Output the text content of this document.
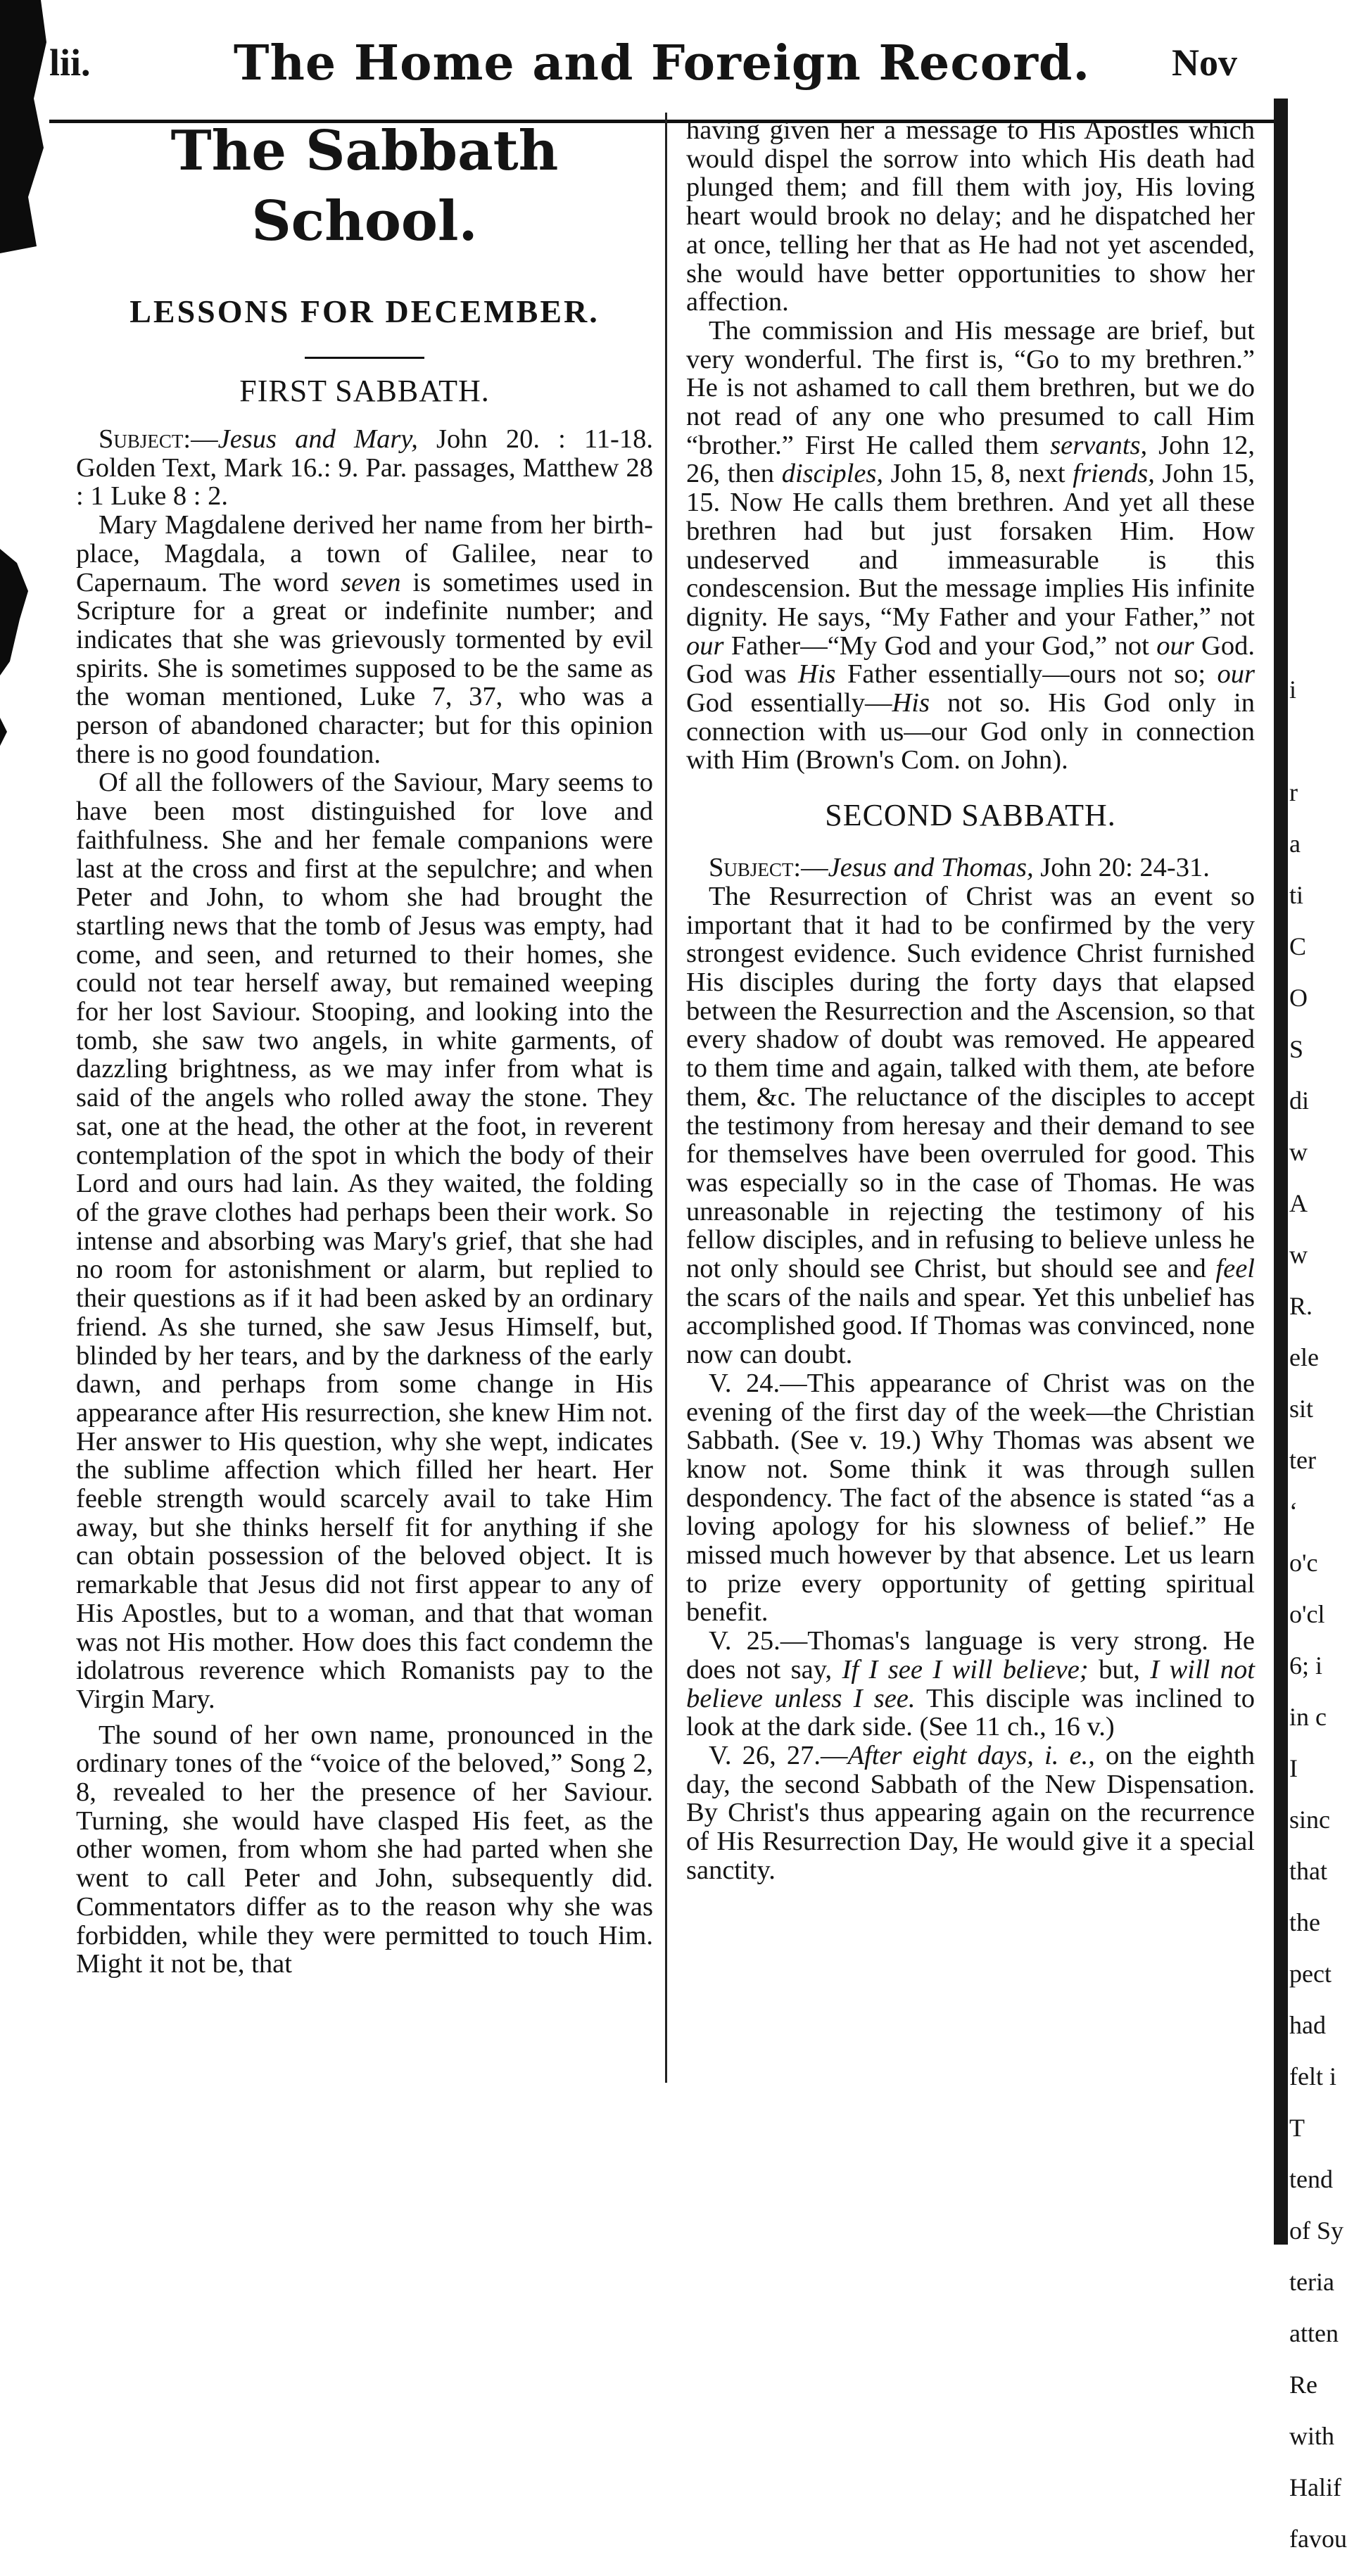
lii.	The Home and Foreign Record.	Nov
The Sabbath School.
LESSONS FOR DECEMBER.
FIRST SABBATH.

Subject:—Jesus and Mary, John 20. : 11-18. Golden Text, Mark 16.: 9. Par. passages, Matthew 28 : 1 Luke 8 : 2.

Mary Magdalene derived her name from her birth-place, Magdala, a town of Galilee, near to Capernaum. The word seven is sometimes used in Scripture for a great or indefinite number; and indicates that she was grievously tormented by evil spirits. She is sometimes supposed to be the same as the woman mentioned, Luke 7, 37, who was a person of abandoned character; but for this opinion there is no good foundation.

Of all the followers of the Saviour, Mary seems to have been most distinguished for love and faithfulness. She and her female companions were last at the cross and first at the sepulchre; and when Peter and John, to whom she had brought the startling news that the tomb of Jesus was empty, had come, and seen, and returned to their homes, she could not tear herself away, but remained weeping for her lost Saviour. Stooping, and looking into the tomb, she saw two angels, in white garments, of dazzling brightness, as we may infer from what is said of the angels who rolled away the stone. They sat, one at the head, the other at the foot, in reverent contemplation of the spot in which the body of their Lord and ours had lain. As they waited, the folding of the grave clothes had perhaps been their work. So intense and absorbing was Mary's grief, that she had no room for astonishment or alarm, but replied to their questions as if it had been asked by an ordinary friend. As she turned, she saw Jesus Himself, but, blinded by her tears, and by the darkness of the early dawn, and perhaps from some change in His appearance after His resurrection, she knew Him not. Her answer to His question, why she wept, indicates the sublime affection which filled her heart. Her feeble strength would scarcely avail to take Him away, but she thinks herself fit for anything if she can obtain possession of the beloved object. It is remarkable that Jesus did not first appear to any of His Apostles, but to a woman, and that that woman was not His mother. How does this fact condemn the idolatrous reverence which Romanists pay to the Virgin Mary.

The sound of her own name, pronounced in the ordinary tones of the “voice of the beloved,” Song 2, 8, revealed to her the presence of her Saviour. Turning, she would have clasped His feet, as the other women, from whom she had parted when she went to call Peter and John, subsequently did. Commentators differ as to the reason why she was forbidden, while they were permitted to touch Him. Might it not be, that

having given her a message to His Apostles which would dispel the sorrow into which His death had plunged them; and fill them with joy, His loving heart would brook no delay; and he dispatched her at once, telling her that as He had not yet ascended, she would have better opportunities to show her affection.

The commission and His message are brief, but very wonderful. The first is, “Go to my brethren.” He is not ashamed to call them brethren, but we do not read of any one who presumed to call Him “brother.” First He called them servants, John 12, 26, then disciples, John 15, 8, next friends, John 15, 15. Now He calls them brethren. And yet all these brethren had but just forsaken Him. How undeserved and immeasurable is this condescension. But the message implies His infinite dignity. He says, “My Father and your Father,” not our Father—“My God and your God,” not our God. God was His Father essentially—ours not so; our God essentially—His not so. His God only in connection with us—our God only in connection with Him (Brown's Com. on John).

SECOND SABBATH.

Subject:—Jesus and Thomas, John 20: 24-31.

The Resurrection of Christ was an event so important that it had to be confirmed by the very strongest evidence. Such evidence Christ furnished His disciples during the forty days that elapsed between the Resurrection and the Ascension, so that every shadow of doubt was removed. He appeared to them time and again, talked with them, ate before them, &c. The reluctance of the disciples to accept the testimony from heresay and their demand to see for themselves have been overruled for good. This was especially so in the case of Thomas. He was unreasonable in rejecting the testimony of his fellow disciples, and in refusing to believe unless he not only should see Christ, but should see and feel the scars of the nails and spear. Yet this unbelief has accomplished good. If Thomas was convinced, none now can doubt.

V. 24.—This appearance of Christ was on the evening of the first day of the week—the Christian Sabbath. (See v. 19.) Why Thomas was absent we know not. Some think it was through sullen despondency. The fact of the absence is stated “as a loving apology for his slowness of belief.” He missed much however by that absence. Let us learn to prize every opportunity of getting spiritual benefit.

V. 25.—Thomas's language is very strong. He does not say, If I see I will believe; but, I will not believe unless I see. This disciple was inclined to look at the dark side. (See 11 ch., 16 v.)

V. 26, 27.—After eight days, i. e., on the eighth day, the second Sabbath of the New Dispensation. By Christ's thus appearing again on the recurrence of His Resurrection Day, He would give it a special sanctity.

i
r
a
ti
C
O
S
di
w
A
w
R.
ele
sit
ter
‘
o'c
o'cl
6; i
in c
I
sinc
that
the
pect
had
felt i
T
tend
of Sy
teria
atten
Re
with
Halif
favou
